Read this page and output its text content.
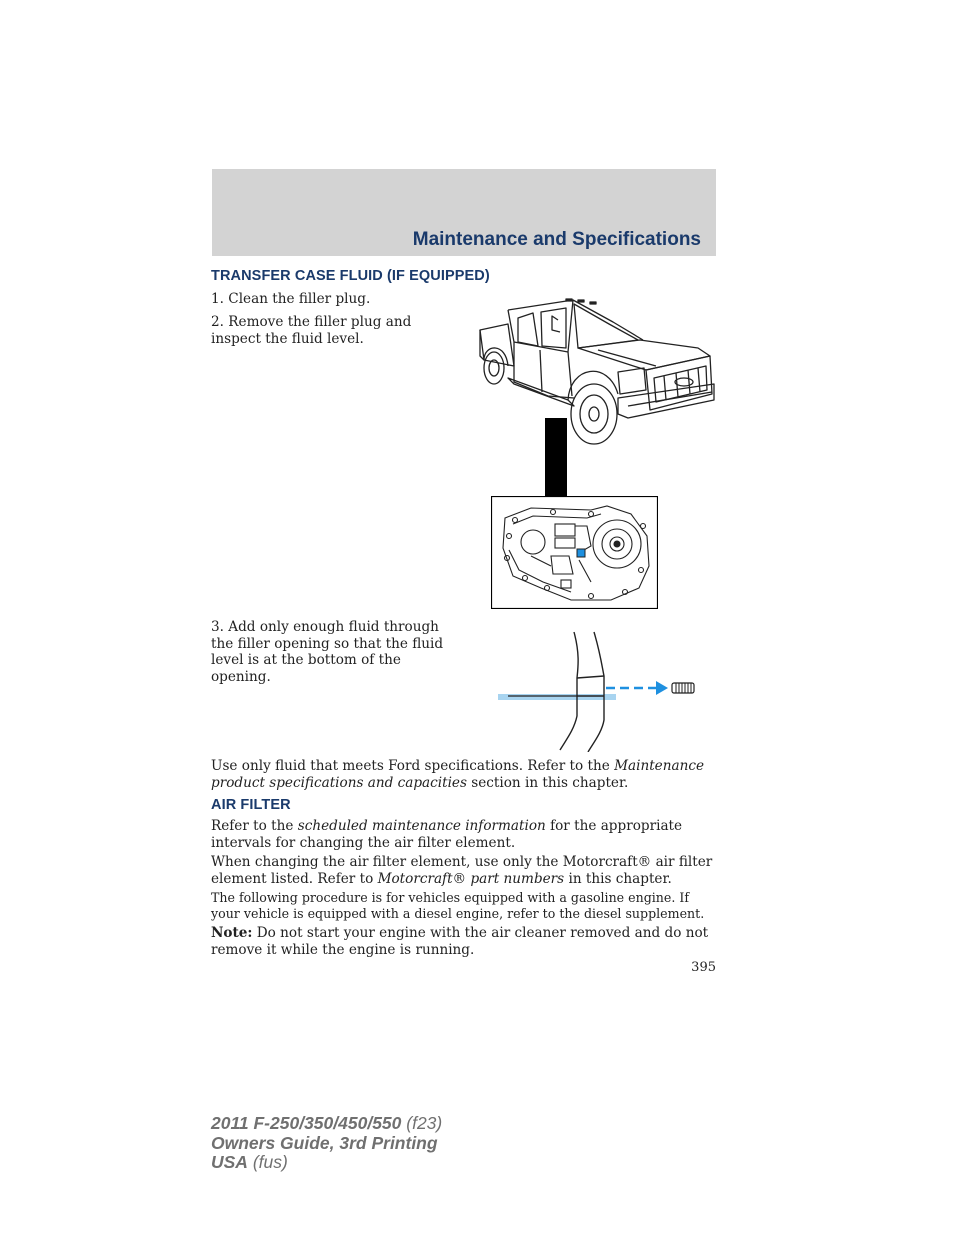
Maintenance and Specifications
TRANSFER CASE FLUID (IF EQUIPPED)
1. Clean the filler plug.
2. Remove the filler plug and inspect the fluid level.
3. Add only enough fluid through the filler opening so that the fluid level is at the bottom of the opening.
Use only fluid that meets Ford specifications. Refer to the Maintenance product specifications and capacities section in this chapter.
AIR FILTER
Refer to the scheduled maintenance information for the appropriate intervals for changing the air filter element.
When changing the air filter element, use only the Motorcraft® air filter element listed. Refer to Motorcraft® part numbers in this chapter.
The following procedure is for vehicles equipped with a gasoline engine. If your vehicle is equipped with a diesel engine, refer to the diesel supplement.
Note: Do not start your engine with the air cleaner removed and do not remove it while the engine is running.
395
2011 F-250/350/450/550 (f23)
Owners Guide, 3rd Printing
USA (fus)
